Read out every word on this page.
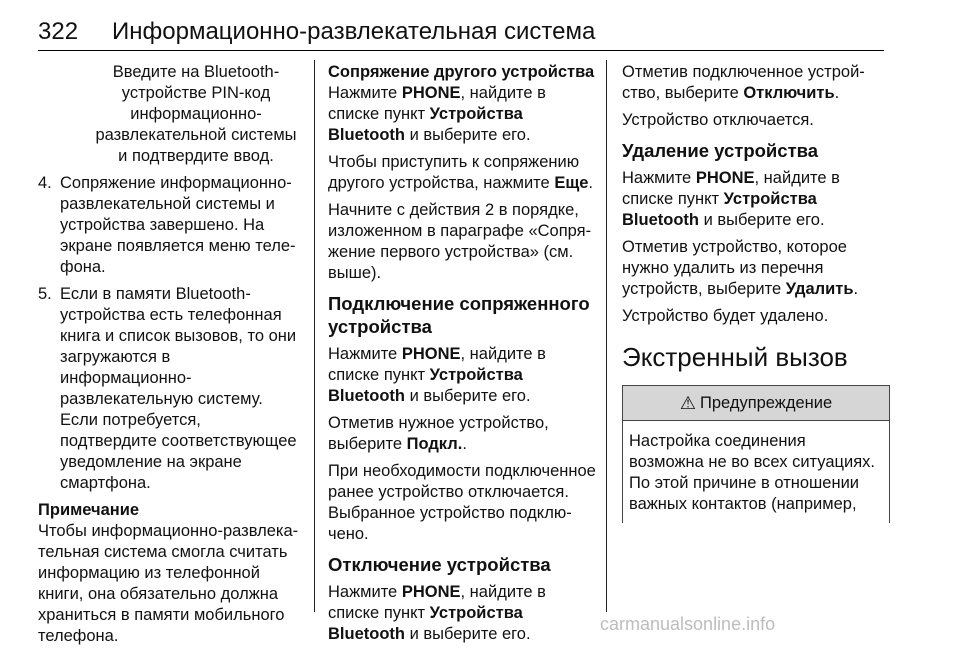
322 Информационно-развлекательная система

Введите на Bluetooth-устройстве PIN-код информационно-развлекательной системы и подтвердите ввод.

4. Сопряжение информационно-развлекательной системы и устройства завершено. На экране появляется меню телефона.
5. Если в памяти Bluetooth-устройства есть телефонная книга и список вызовов, то они загружаются в информационно-развлекательную систему. Если потребуется, подтвердите соответствующее уведомление на экране смартфона.

Примечание

Чтобы информационно-развлекательная система смогла считать информацию из телефонной книги, она обязательно должна храниться в памяти мобильного телефона.

Сопряжение другого устройства

Нажмите PHONE, найдите в списке пункт Устройства Bluetooth и выберите его.

Чтобы приступить к сопряжению другого устройства, нажмите Еще.

Начните с действия 2 в порядке, изложенном в параграфе «Сопряжение первого устройства» (см. выше).

Подключение сопряженного устройства

Нажмите PHONE, найдите в списке пункт Устройства Bluetooth и выберите его.

Отметив нужное устройство, выберите Подкл..

При необходимости подключенное ранее устройство отключается. Выбранное устройство подключено.

Отключение устройства

Нажмите PHONE, найдите в списке пункт Устройства Bluetooth и выберите его.

Отметив подключенное устройство, выберите Отключить.

Устройство отключается.

Удаление устройства

Нажмите PHONE, найдите в списке пункт Устройства Bluetooth и выберите его.

Отметив устройство, которое нужно удалить из перечня устройств, выберите Удалить.

Устройство будет удалено.

Экстренный вызов
⚠ Предупреждение
Настройка соединения возможна не во всех ситуациях. По этой причине в отношении важных контактов (например,
carmanualsonline.info
